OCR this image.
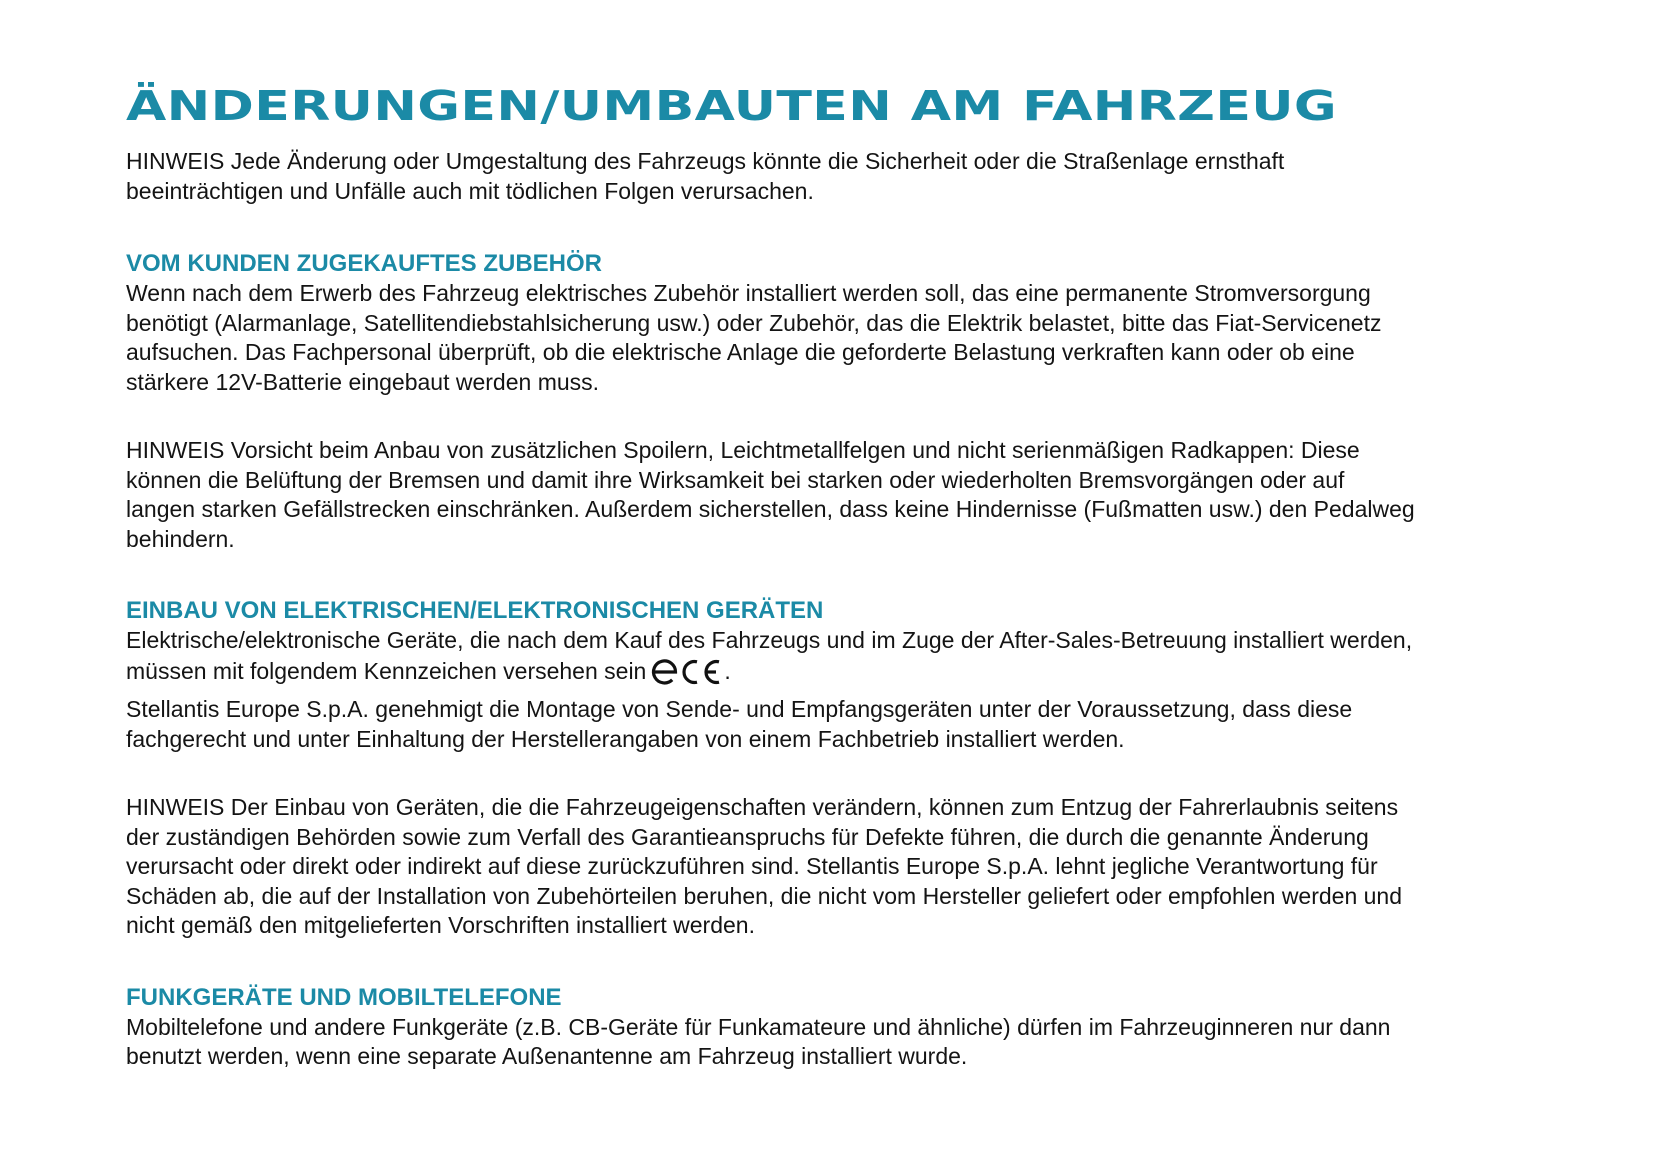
ÄNDERUNGEN/UMBAUTEN AM FAHRZEUG

HINWEIS Jede Änderung oder Umgestaltung des Fahrzeugs könnte die Sicherheit oder die Straßenlage ernsthaft
beeinträchtigen und Unfälle auch mit tödlichen Folgen verursachen.

VOM KUNDEN ZUGEKAUFTES ZUBEHÖR

Wenn nach dem Erwerb des Fahrzeug elektrisches Zubehör installiert werden soll, das eine permanente Stromversorgung
benötigt (Alarmanlage, Satellitendiebstahlsicherung usw.) oder Zubehör, das die Elektrik belastet, bitte das Fiat-Servicenetz
aufsuchen. Das Fachpersonal überprüft, ob die elektrische Anlage die geforderte Belastung verkraften kann oder ob eine
stärkere 12V-Batterie eingebaut werden muss.

HINWEIS Vorsicht beim Anbau von zusätzlichen Spoilern, Leichtmetallfelgen und nicht serienmäßigen Radkappen: Diese
können die Belüftung der Bremsen und damit ihre Wirksamkeit bei starken oder wiederholten Bremsvorgängen oder auf
langen starken Gefällstrecken einschränken. Außerdem sicherstellen, dass keine Hindernisse (Fußmatten usw.) den Pedalweg
behindern.

EINBAU VON ELEKTRISCHEN/ELEKTRONISCHEN GERÄTEN

Elektrische/elektronische Geräte, die nach dem Kauf des Fahrzeugs und im Zuge der After-Sales-Betreuung installiert werden,
müssen mit folgendem Kennzeichen versehen sein	.
Stellantis Europe S.p.A. genehmigt die Montage von Sende- und Empfangsgeräten unter der Voraussetzung, dass diese
fachgerecht und unter Einhaltung der Herstellerangaben von einem Fachbetrieb installiert werden.

HINWEIS Der Einbau von Geräten, die die Fahrzeugeigenschaften verändern, können zum Entzug der Fahrerlaubnis seitens
der zuständigen Behörden sowie zum Verfall des Garantieanspruchs für Defekte führen, die durch die genannte Änderung
verursacht oder direkt oder indirekt auf diese zurückzuführen sind. Stellantis Europe S.p.A. lehnt jegliche Verantwortung für
Schäden ab, die auf der Installation von Zubehörteilen beruhen, die nicht vom Hersteller geliefert oder empfohlen werden und
nicht gemäß den mitgelieferten Vorschriften installiert werden.

FUNKGERÄTE UND MOBILTELEFONE

Mobiltelefone und andere Funkgeräte (z.B. CB-Geräte für Funkamateure und ähnliche) dürfen im Fahrzeuginneren nur dann
benutzt werden, wenn eine separate Außenantenne am Fahrzeug installiert wurde.
